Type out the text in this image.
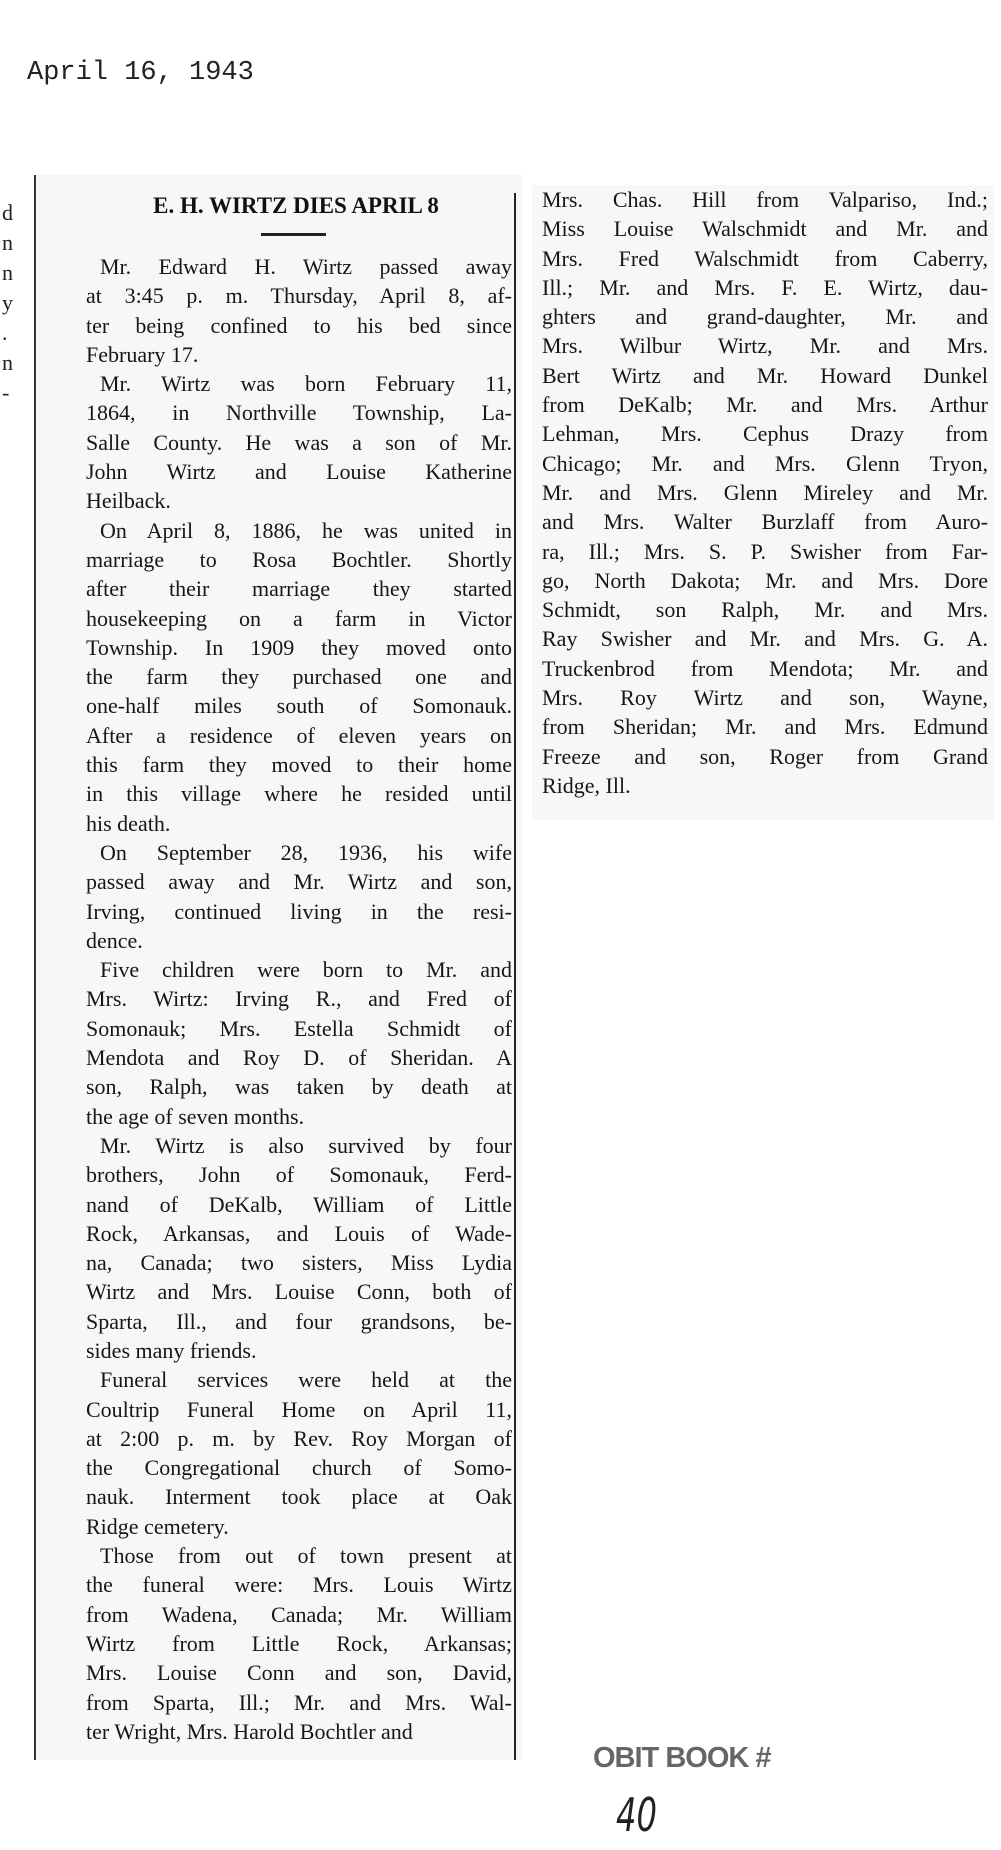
April 16, 1943
d
n
n
y
.
n
-
E. H. WIRTZ DIES APRIL 8
Mr. Edward H. Wirtz passed away
at 3:45 p. m. Thursday, April 8, af-
ter being confined to his bed since
February 17.
Mr. Wirtz was born February 11,
1864, in Northville Township, La-
Salle County. He was a son of Mr.
John Wirtz and Louise Katherine
Heilback.
On April 8, 1886, he was united in
marriage to Rosa Bochtler. Shortly
after their marriage they started
housekeeping on a farm in Victor
Township. In 1909 they moved onto
the farm they purchased one and
one-half miles south of Somonauk.
After a residence of eleven years on
this farm they moved to their home
in this village where he resided until
his death.
On September 28, 1936, his wife
passed away and Mr. Wirtz and son,
Irving, continued living in the resi-
dence.
Five children were born to Mr. and
Mrs. Wirtz: Irving R., and Fred of
Somonauk; Mrs. Estella Schmidt of
Mendota and Roy D. of Sheridan. A
son, Ralph, was taken by death at
the age of seven months.
Mr. Wirtz is also survived by four
brothers, John of Somonauk, Ferd-
nand of DeKalb, William of Little
Rock, Arkansas, and Louis of Wade-
na, Canada; two sisters, Miss Lydia
Wirtz and Mrs. Louise Conn, both of
Sparta, Ill., and four grandsons, be-
sides many friends.
Funeral services were held at the
Coultrip Funeral Home on April 11,
at 2:00 p. m. by Rev. Roy Morgan of
the Congregational church of Somo-
nauk. Interment took place at Oak
Ridge cemetery.
Those from out of town present at
the funeral were: Mrs. Louis Wirtz
from Wadena, Canada; Mr. William
Wirtz from Little Rock, Arkansas;
Mrs. Louise Conn and son, David,
from Sparta, Ill.; Mr. and Mrs. Wal-
ter Wright, Mrs. Harold Bochtler and
Mrs. Chas. Hill from Valpariso, Ind.;
Miss Louise Walschmidt and Mr. and
Mrs. Fred Walschmidt from Caberry,
Ill.; Mr. and Mrs. F. E. Wirtz, dau-
ghters and grand-daughter, Mr. and
Mrs. Wilbur Wirtz, Mr. and Mrs.
Bert Wirtz and Mr. Howard Dunkel
from DeKalb; Mr. and Mrs. Arthur
Lehman, Mrs. Cephus Drazy from
Chicago; Mr. and Mrs. Glenn Tryon,
Mr. and Mrs. Glenn Mireley and Mr.
and Mrs. Walter Burzlaff from Auro-
ra, Ill.; Mrs. S. P. Swisher from Far-
go, North Dakota; Mr. and Mrs. Dore
Schmidt, son Ralph, Mr. and Mrs.
Ray Swisher and Mr. and Mrs. G. A.
Truckenbrod from Mendota; Mr. and
Mrs. Roy Wirtz and son, Wayne,
from Sheridan; Mr. and Mrs. Edmund
Freeze and son, Roger from Grand
Ridge, Ill.
OBIT BOOK #
40
